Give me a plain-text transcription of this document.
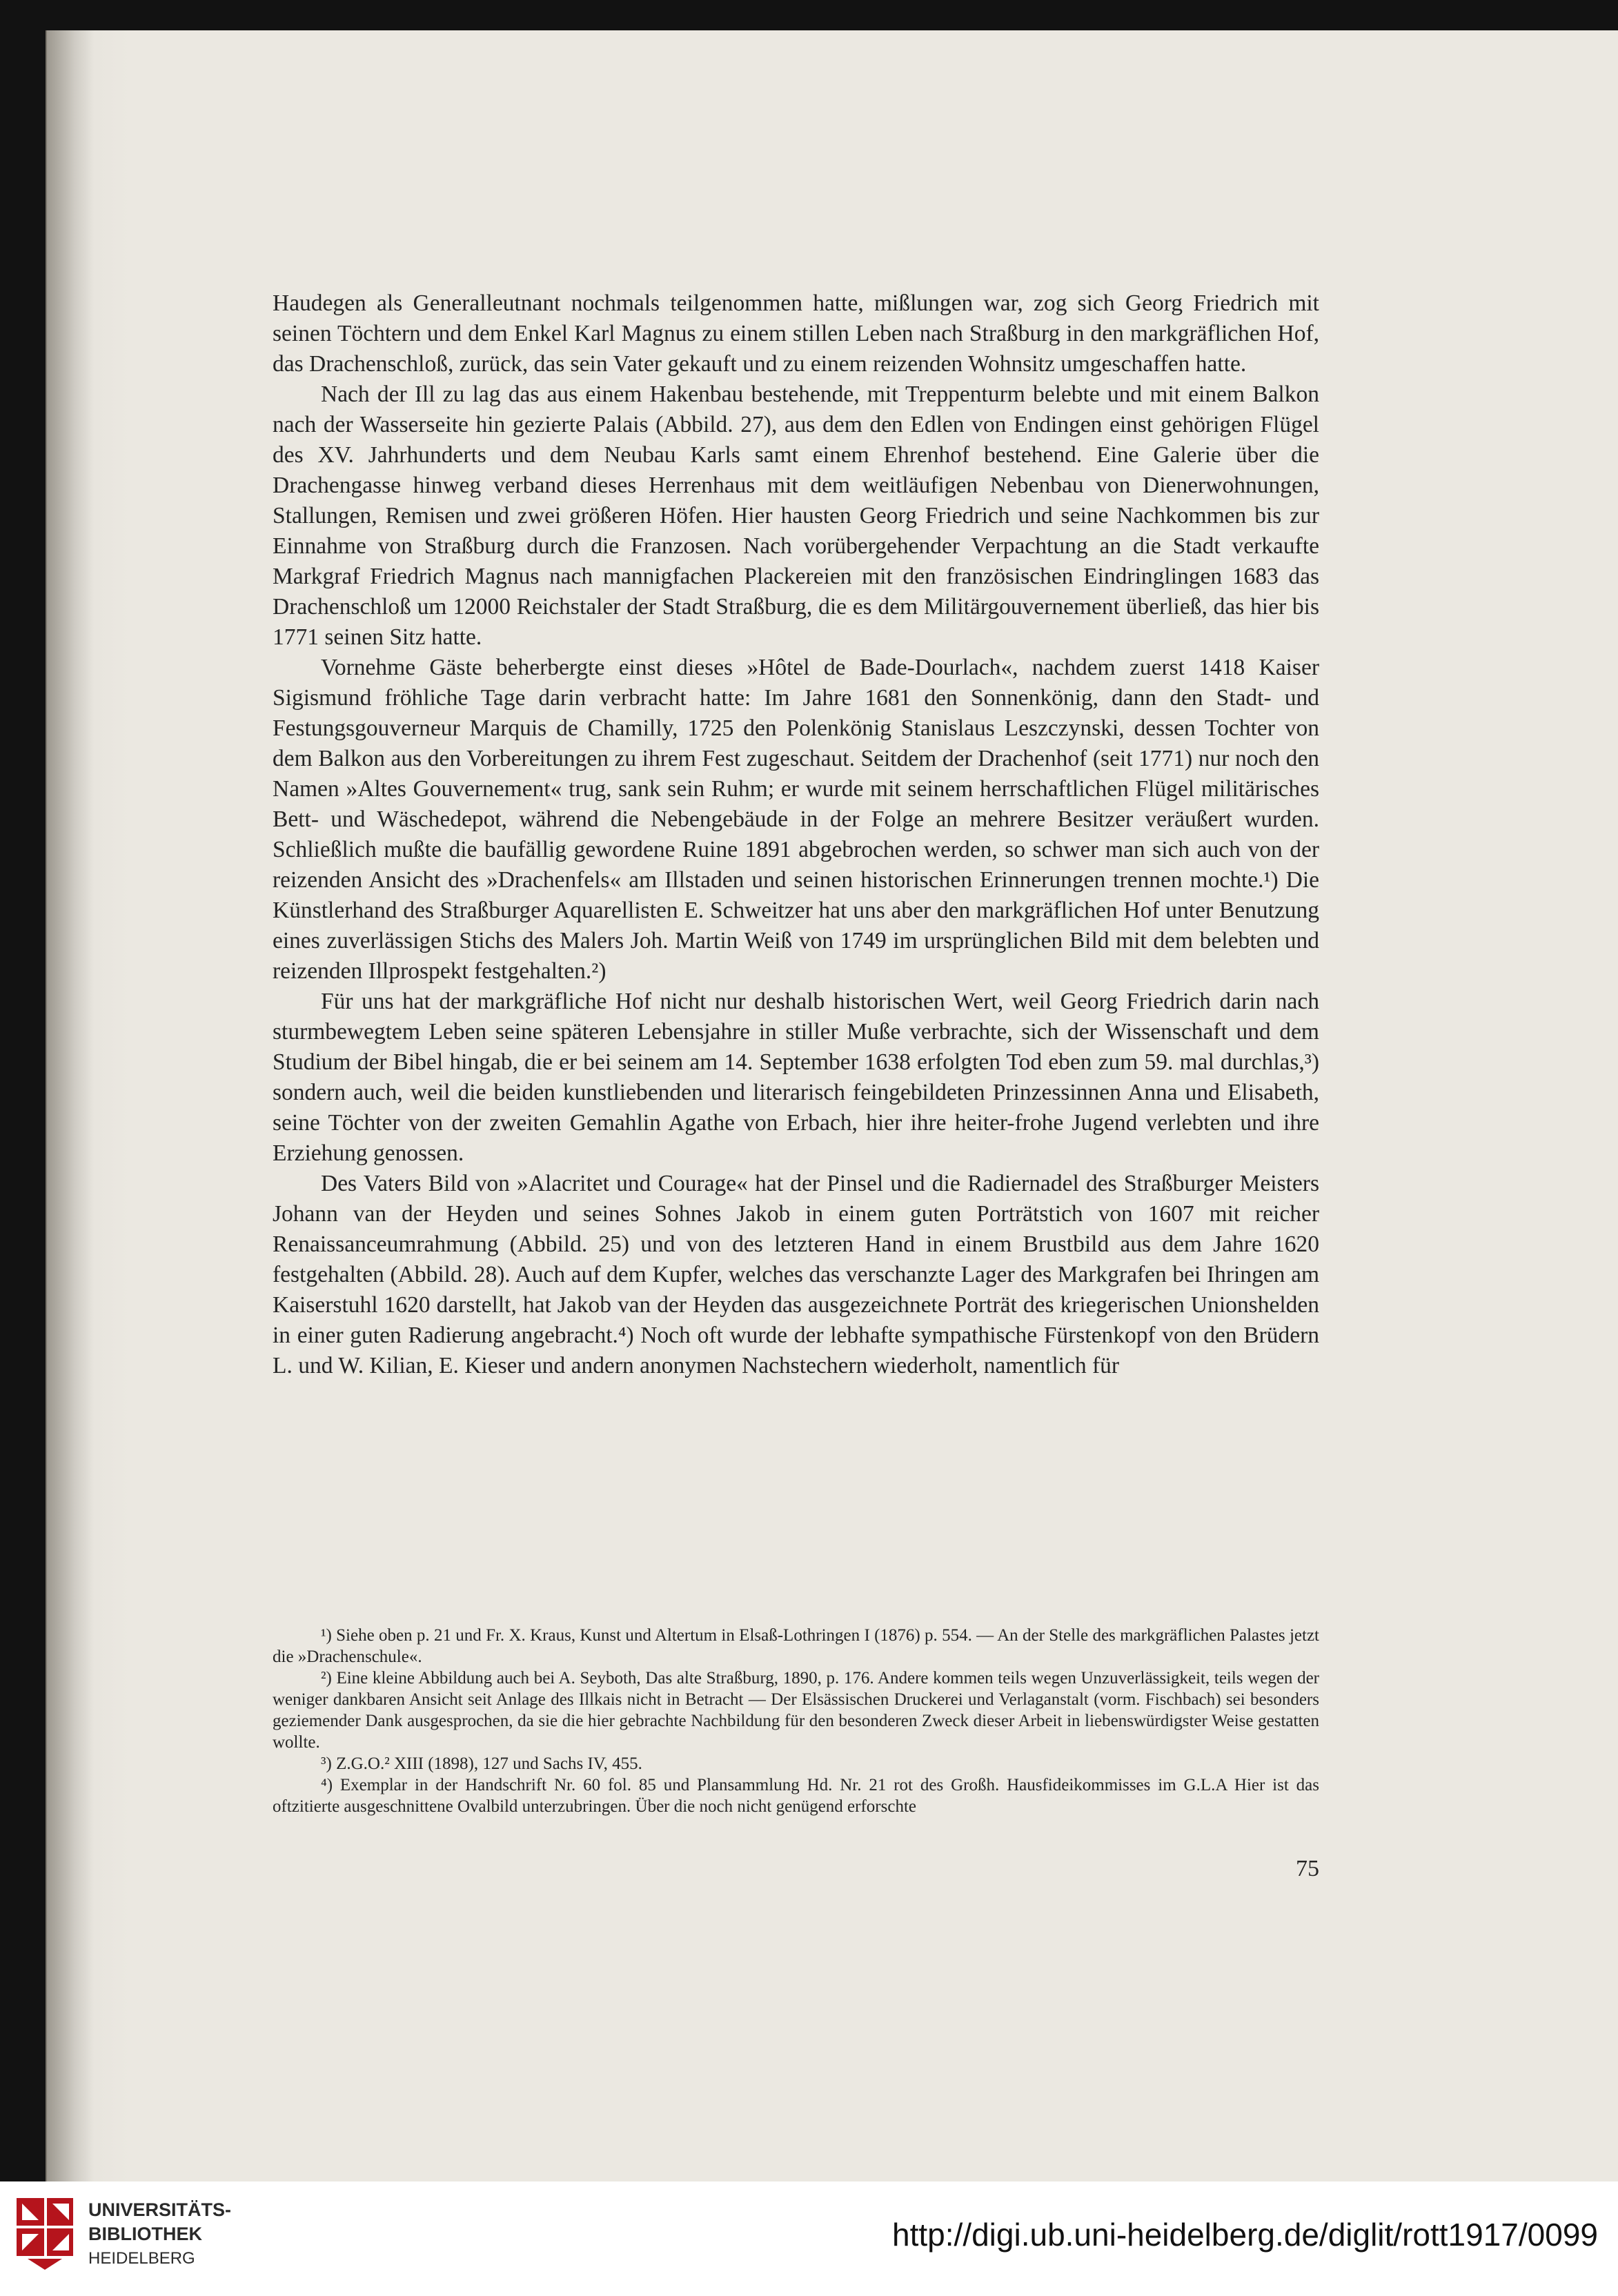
Haudegen als Generalleutnant nochmals teilgenommen hatte, mißlungen war, zog sich Georg Friedrich mit seinen Töchtern und dem Enkel Karl Magnus zu einem stillen Leben nach Straßburg in den markgräflichen Hof, das Drachenschloß, zurück, das sein Vater gekauft und zu einem reizenden Wohnsitz umgeschaffen hatte.

Nach der Ill zu lag das aus einem Hakenbau bestehende, mit Treppenturm belebte und mit einem Balkon nach der Wasserseite hin gezierte Palais (Abbild. 27), aus dem den Edlen von Endingen einst gehörigen Flügel des XV. Jahrhunderts und dem Neubau Karls samt einem Ehrenhof bestehend. Eine Galerie über die Drachengasse hinweg verband dieses Herrenhaus mit dem weitläufigen Nebenbau von Dienerwohnungen, Stallungen, Remisen und zwei größeren Höfen. Hier hausten Georg Friedrich und seine Nachkommen bis zur Einnahme von Straßburg durch die Franzosen. Nach vorübergehender Verpachtung an die Stadt verkaufte Markgraf Friedrich Magnus nach mannigfachen Plackereien mit den französischen Eindringlingen 1683 das Drachenschloß um 12000 Reichstaler der Stadt Straßburg, die es dem Militärgouvernement überließ, das hier bis 1771 seinen Sitz hatte.

Vornehme Gäste beherbergte einst dieses »Hôtel de Bade-Dourlach«, nachdem zuerst 1418 Kaiser Sigismund fröhliche Tage darin verbracht hatte: Im Jahre 1681 den Sonnenkönig, dann den Stadt- und Festungsgouverneur Marquis de Chamilly, 1725 den Polenkönig Stanislaus Leszczynski, dessen Tochter von dem Balkon aus den Vorbereitungen zu ihrem Fest zugeschaut. Seitdem der Drachenhof (seit 1771) nur noch den Namen »Altes Gouvernement« trug, sank sein Ruhm; er wurde mit seinem herrschaftlichen Flügel militärisches Bett- und Wäschedepot, während die Nebengebäude in der Folge an mehrere Besitzer veräußert wurden. Schließlich mußte die baufällig gewordene Ruine 1891 abgebrochen werden, so schwer man sich auch von der reizenden Ansicht des »Drachenfels« am Illstaden und seinen historischen Erinnerungen trennen mochte.¹) Die Künstlerhand des Straßburger Aquarellisten E. Schweitzer hat uns aber den markgräflichen Hof unter Benutzung eines zuverlässigen Stichs des Malers Joh. Martin Weiß von 1749 im ursprünglichen Bild mit dem belebten und reizenden Illprospekt festgehalten.²)

Für uns hat der markgräfliche Hof nicht nur deshalb historischen Wert, weil Georg Friedrich darin nach sturmbewegtem Leben seine späteren Lebensjahre in stiller Muße verbrachte, sich der Wissenschaft und dem Studium der Bibel hingab, die er bei seinem am 14. September 1638 erfolgten Tod eben zum 59. mal durchlas,³) sondern auch, weil die beiden kunstliebenden und literarisch feingebildeten Prinzessinnen Anna und Elisabeth, seine Töchter von der zweiten Gemahlin Agathe von Erbach, hier ihre heiter-frohe Jugend verlebten und ihre Erziehung genossen.

Des Vaters Bild von »Alacritet und Courage« hat der Pinsel und die Radiernadel des Straßburger Meisters Johann van der Heyden und seines Sohnes Jakob in einem guten Porträtstich von 1607 mit reicher Renaissanceumrahmung (Abbild. 25) und von des letzteren Hand in einem Brustbild aus dem Jahre 1620 festgehalten (Abbild. 28). Auch auf dem Kupfer, welches das verschanzte Lager des Markgrafen bei Ihringen am Kaiserstuhl 1620 darstellt, hat Jakob van der Heyden das ausgezeichnete Porträt des kriegerischen Unionshelden in einer guten Radierung angebracht.⁴) Noch oft wurde der lebhafte sympathische Fürstenkopf von den Brüdern L. und W. Kilian, E. Kieser und andern anonymen Nachstechern wiederholt, namentlich für

¹) Siehe oben p. 21 und Fr. X. Kraus, Kunst und Altertum in Elsaß-Lothringen I (1876) p. 554. — An der Stelle des markgräflichen Palastes jetzt die »Drachenschule«.

²) Eine kleine Abbildung auch bei A. Seyboth, Das alte Straßburg, 1890, p. 176. Andere kommen teils wegen Unzuverlässigkeit, teils wegen der weniger dankbaren Ansicht seit Anlage des Illkais nicht in Betracht — Der Elsässischen Druckerei und Verlaganstalt (vorm. Fischbach) sei besonders geziemender Dank ausgesprochen, da sie die hier gebrachte Nachbildung für den besonderen Zweck dieser Arbeit in liebenswürdigster Weise gestatten wollte.

³) Z.G.O.² XIII (1898), 127 und Sachs IV, 455.

⁴) Exemplar in der Handschrift Nr. 60 fol. 85 und Plansammlung Hd. Nr. 21 rot des Großh. Hausfideikommisses im G.L.A Hier ist das oftzitierte ausgeschnittene Ovalbild unterzubringen. Über die noch nicht genügend erforschte

75
UNIVERSITÄTS-
BIBLIOTHEK
HEIDELBERG
http://digi.ub.uni-heidelberg.de/diglit/rott1917/0099
